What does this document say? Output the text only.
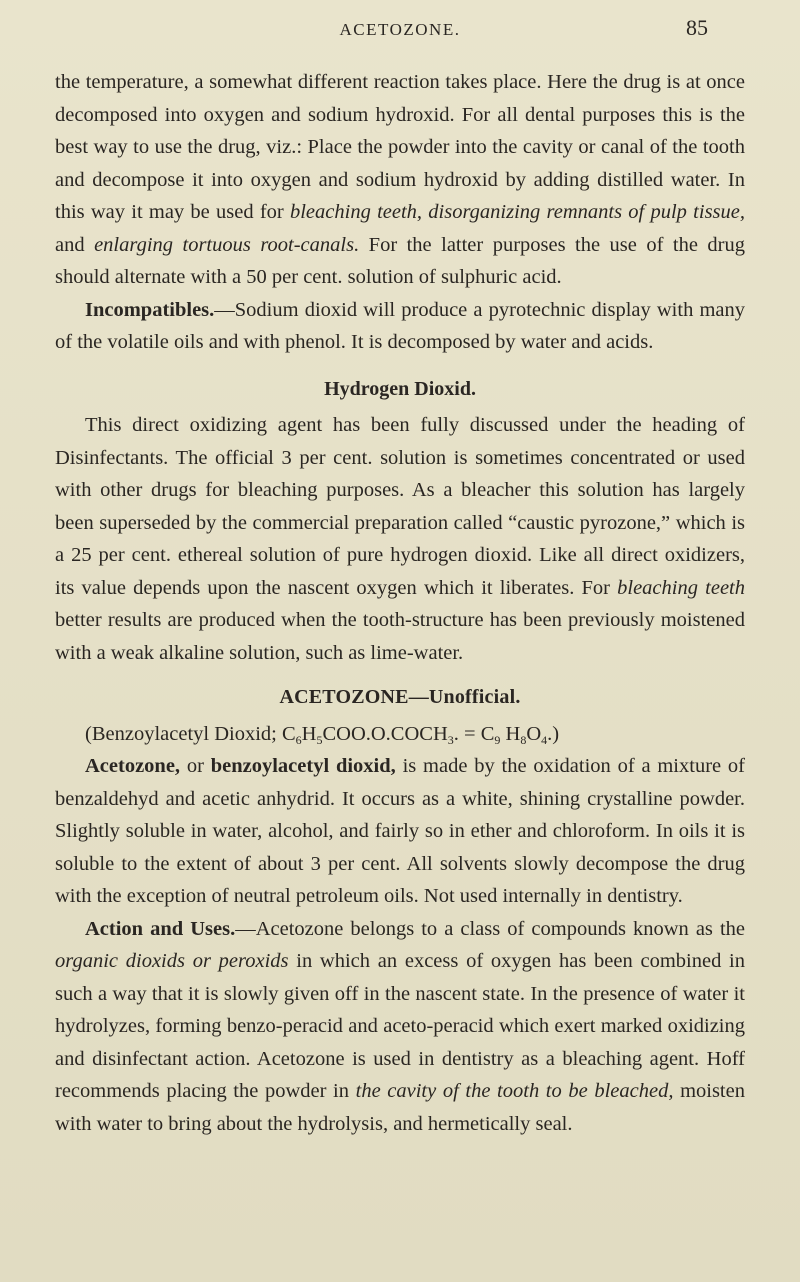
ACETOZONE.	85

the temperature, a somewhat different reaction takes place. Here the drug is at once decomposed into oxygen and sodium hydroxid. For all dental purposes this is the best way to use the drug, viz.: Place the powder into the cavity or canal of the tooth and decompose it into oxygen and sodium hydroxid by adding distilled water. In this way it may be used for bleaching teeth, disorganizing remnants of pulp tissue, and enlarging tortuous root-canals. For the latter purposes the use of the drug should alternate with a 50 per cent. solution of sulphuric acid.

Incompatibles.—Sodium dioxid will produce a pyrotechnic display with many of the volatile oils and with phenol. It is decomposed by water and acids.

Hydrogen Dioxid.

This direct oxidizing agent has been fully discussed under the heading of Disinfectants. The official 3 per cent. solution is sometimes concentrated or used with other drugs for bleaching purposes. As a bleacher this solution has largely been superseded by the commercial preparation called “caustic pyrozone,” which is a 25 per cent. ethereal solution of pure hydrogen dioxid. Like all direct oxidizers, its value depends upon the nascent oxygen which it liberates. For bleaching teeth better results are produced when the tooth-structure has been previously moistened with a weak alkaline solution, such as lime-water.

ACETOZONE—Unofficial.

(Benzoylacetyl Dioxid; $C_6H_5COO.O.COCH_3$. = $C_9$ $H_8O_4$.)

Acetozone, or benzoylacetyl dioxid, is made by the oxidation of a mixture of benzaldehyd and acetic anhydrid. It occurs as a white, shining crystalline powder. Slightly soluble in water, alcohol, and fairly so in ether and chloroform. In oils it is soluble to the extent of about 3 per cent. All solvents slowly decompose the drug with the exception of neutral petroleum oils. Not used internally in dentistry.

Action and Uses.—Acetozone belongs to a class of compounds known as the organic dioxids or peroxids in which an excess of oxygen has been combined in such a way that it is slowly given off in the nascent state. In the presence of water it hydrolyzes, forming benzo-peracid and aceto-peracid which exert marked oxidizing and disinfectant action. Acetozone is used in dentistry as a bleaching agent. Hoff recommends placing the powder in the cavity of the tooth to be bleached, moisten with water to bring about the hydrolysis, and hermetically seal.
